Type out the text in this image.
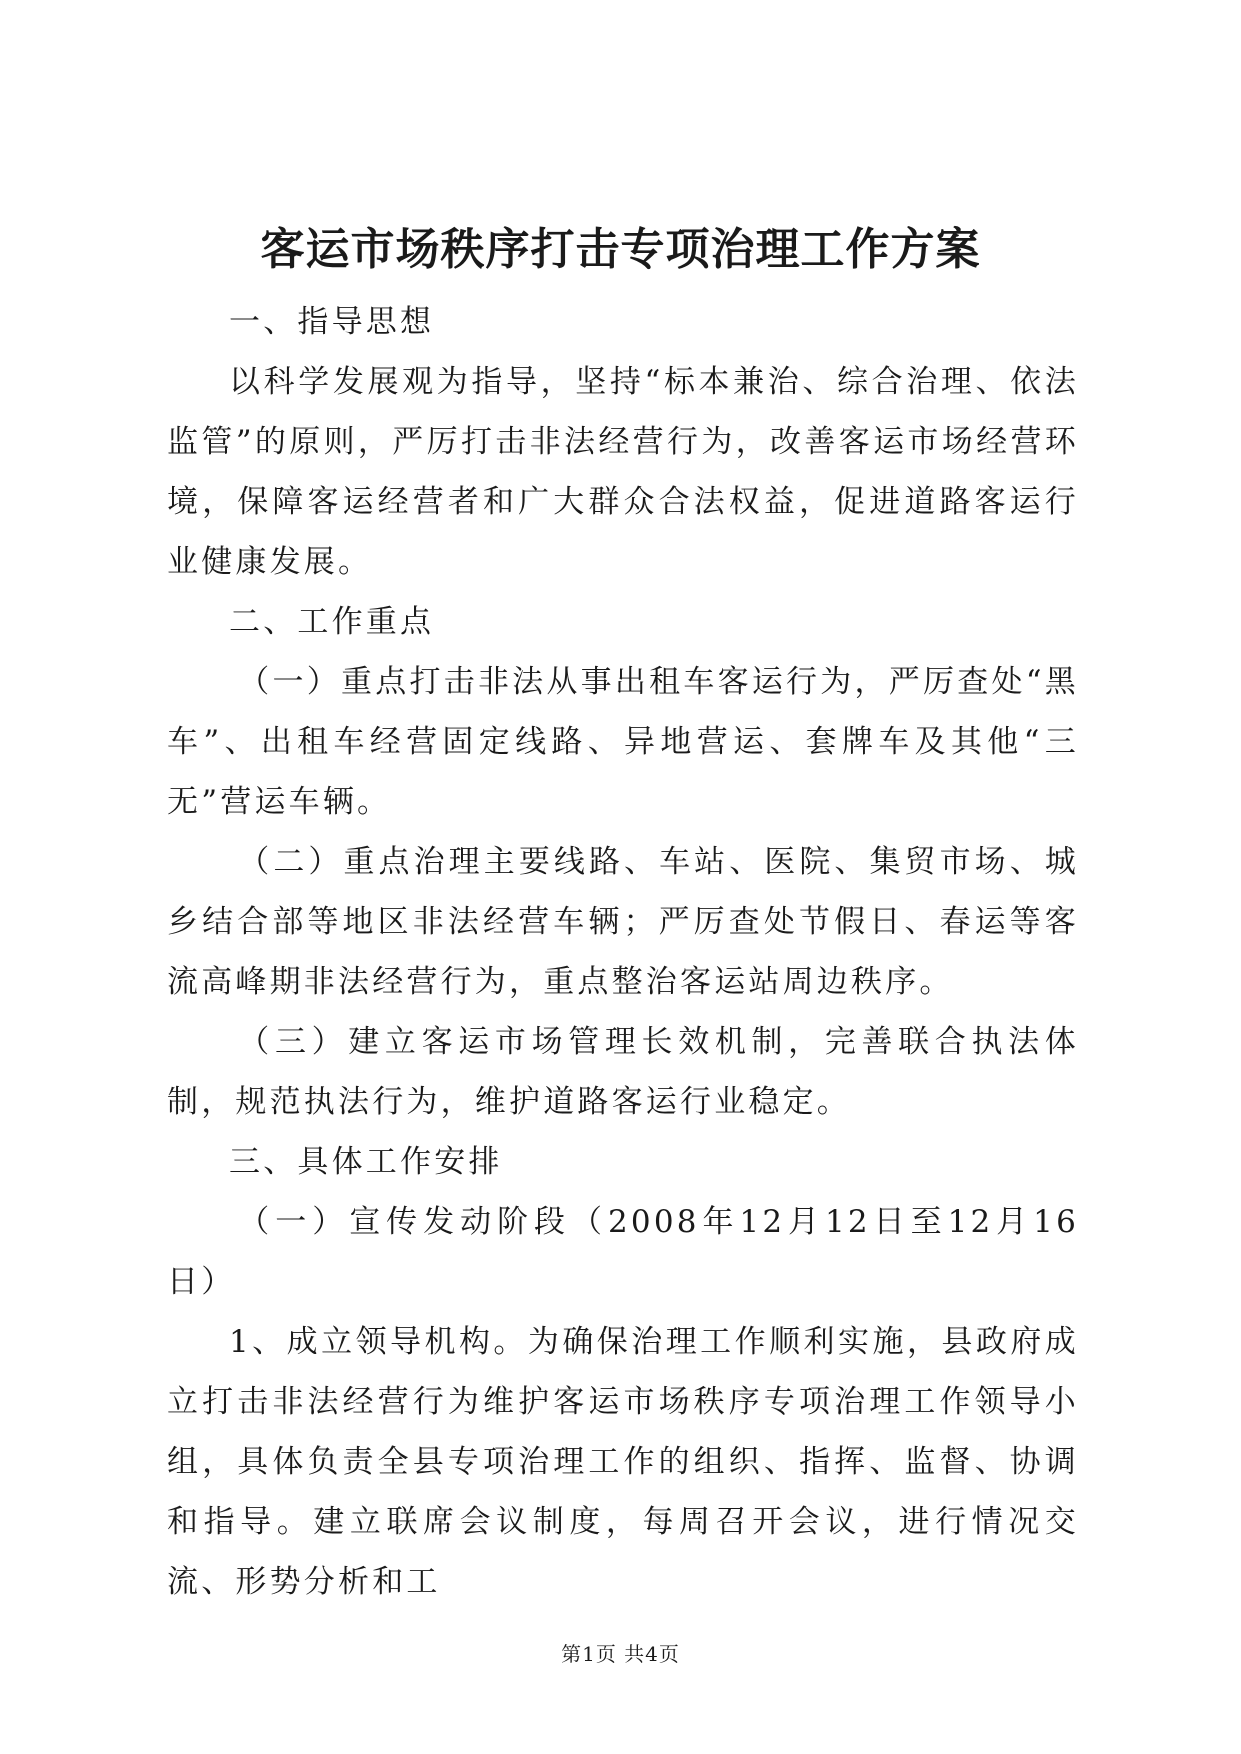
客运市场秩序打击专项治理工作方案

一、指导思想

以科学发展观为指导，坚持“标本兼治、综合治理、依法监管”的原则，严厉打击非法经营行为，改善客运市场经营环境，保障客运经营者和广大群众合法权益，促进道路客运行业健康发展。

二、工作重点

（一）重点打击非法从事出租车客运行为，严厉查处“黑车”、出租车经营固定线路、异地营运、套牌车及其他“三无”营运车辆。

（二）重点治理主要线路、车站、医院、集贸市场、城乡结合部等地区非法经营车辆；严厉查处节假日、春运等客流高峰期非法经营行为，重点整治客运站周边秩序。

（三）建立客运市场管理长效机制，完善联合执法体制，规范执法行为，维护道路客运行业稳定。

三、具体工作安排

（一）宣传发动阶段（2008年12月12日至12月16日）

1、成立领导机构。为确保治理工作顺利实施，县政府成立打击非法经营行为维护客运市场秩序专项治理工作领导小组，具体负责全县专项治理工作的组织、指挥、监督、协调和指导。建立联席会议制度，每周召开会议，进行情况交流、形势分析和工

第1页 共4页
